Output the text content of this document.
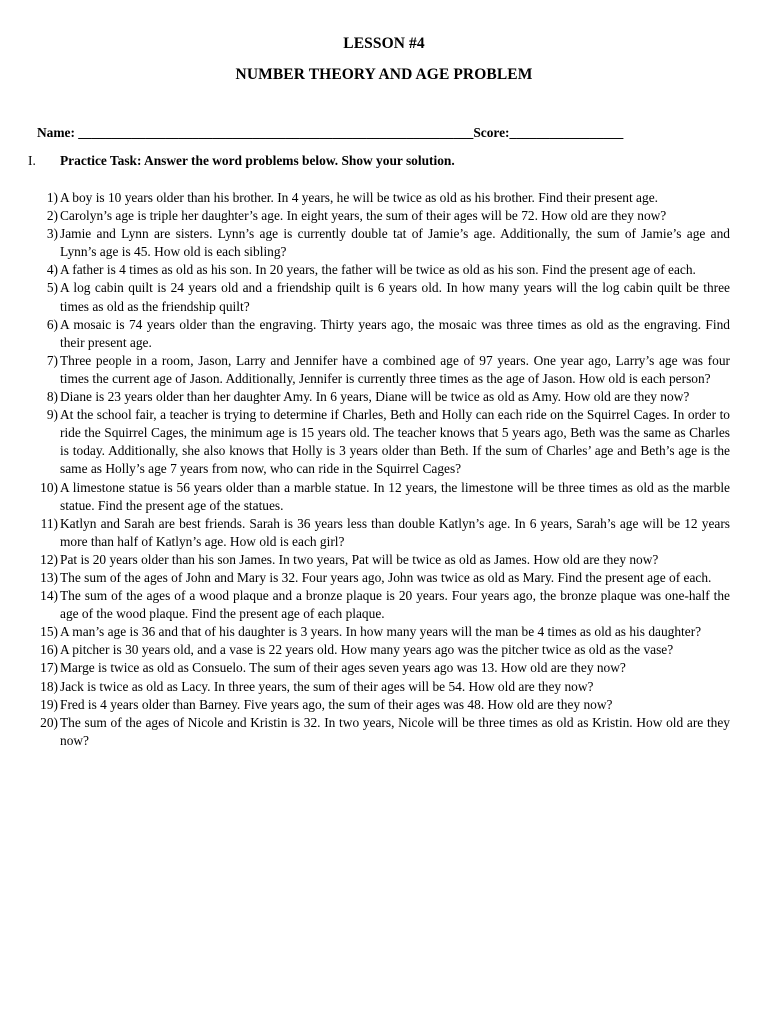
LESSON #4
NUMBER THEORY AND AGE PROBLEM
Name: ___________________________________________________________Score:_________________
I. Practice Task: Answer the word problems below. Show your solution.
1) A boy is 10 years older than his brother. In 4 years, he will be twice as old as his brother. Find their present age.
2) Carolyn’s age is triple her daughter’s age. In eight years, the sum of their ages will be 72. How old are they now?
3) Jamie and Lynn are sisters. Lynn’s age is currently double tat of Jamie’s age. Additionally, the sum of Jamie’s age and Lynn’s age is 45. How old is each sibling?
4) A father is 4 times as old as his son. In 20 years, the father will be twice as old as his son. Find the present age of each.
5) A log cabin quilt is 24 years old and a friendship quilt is 6 years old. In how many years will the log cabin quilt be three times as old as the friendship quilt?
6) A mosaic is 74 years older than the engraving. Thirty years ago, the mosaic was three times as old as the engraving. Find their present age.
7) Three people in a room, Jason, Larry and Jennifer have a combined age of 97 years. One year ago, Larry’s age was four times the current age of Jason. Additionally, Jennifer is currently three times as the age of Jason. How old is each person?
8) Diane is 23 years older than her daughter Amy. In 6 years, Diane will be twice as old as Amy. How old are they now?
9) At the school fair, a teacher is trying to determine if Charles, Beth and Holly can each ride on the Squirrel Cages. In order to ride the Squirrel Cages, the minimum age is 15 years old. The teacher knows that 5 years ago, Beth was the same as Charles is today. Additionally, she also knows that Holly is 3 years older than Beth. If the sum of Charles’ age and Beth’s age is the same as Holly’s age 7 years from now, who can ride in the Squirrel Cages?
10) A limestone statue is 56 years older than a marble statue. In 12 years, the limestone will be three times as old as the marble statue. Find the present age of the statues.
11) Katlyn and Sarah are best friends. Sarah is 36 years less than double Katlyn’s age. In 6 years, Sarah’s age will be 12 years more than half of Katlyn’s age. How old is each girl?
12) Pat is 20 years older than his son James. In two years, Pat will be twice as old as James. How old are they now?
13) The sum of the ages of John and Mary is 32. Four years ago, John was twice as old as Mary. Find the present age of each.
14) The sum of the ages of a wood plaque and a bronze plaque is 20 years. Four years ago, the bronze plaque was one-half the age of the wood plaque. Find the present age of each plaque.
15) A man’s age is 36 and that of his daughter is 3 years. In how many years will the man be 4 times as old as his daughter?
16) A pitcher is 30 years old, and a vase is 22 years old. How many years ago was the pitcher twice as old as the vase?
17) Marge is twice as old as Consuelo. The sum of their ages seven years ago was 13. How old are they now?
18) Jack is twice as old as Lacy. In three years, the sum of their ages will be 54. How old are they now?
19) Fred is 4 years older than Barney. Five years ago, the sum of their ages was 48. How old are they now?
20) The sum of the ages of Nicole and Kristin is 32. In two years, Nicole will be three times as old as Kristin. How old are they now?
